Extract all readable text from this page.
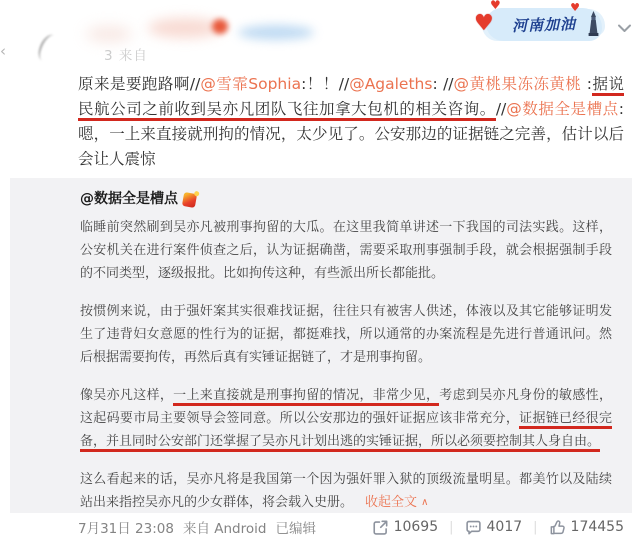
‹	3 来自
♥
♥	♥
河南加油

原来是要跑路啊//@雪霏Sophia:！！//@Agaleths: //@黄桃果冻冻黄桃 :据说民航公司之前收到吴亦凡团队飞往加拿大包机的相关咨询。//@数据全是槽点:嗯，一上来直接就刑拘的情况，太少见了。公安那边的证据链之完善，估计以后会让人震惊

@数据全是槽点

临睡前突然刷到吴亦凡被刑事拘留的大瓜。在这里我简单讲述一下我国的司法实践。这样，公安机关在进行案件侦查之后，认为证据确凿，需要采取刑事强制手段，就会根据强制手段的不同类型，逐级报批。比如拘传这种，有些派出所长都能批。

按惯例来说，由于强奸案其实很难找证据，往往只有被害人供述，体液以及其它能够证明发生了违背妇女意愿的性行为的证据，都挺难找，所以通常的办案流程是先进行普通讯问。然后根据需要拘传，再然后真有实锤证据链了，才是刑事拘留。

像吴亦凡这样，一上来直接就是刑事拘留的情况，非常少见，考虑到吴亦凡身份的敏感性，这起码要市局主要领导会签同意。所以公安那边的强奸证据应该非常充分，证据链已经很完备，并且同时公安部门还掌握了吴亦凡计划出逃的实锤证据，所以必须要控制其人身自由。

这么看起来的话，吴亦凡将是我国第一个因为强奸罪入狱的顶级流量明星。都美竹以及陆续站出来指控吴亦凡的少女群体，将会载入史册。 收起全文 ∧

7月31日 23:08 来自 Android 已编辑	10695 | 4017 | 174455
